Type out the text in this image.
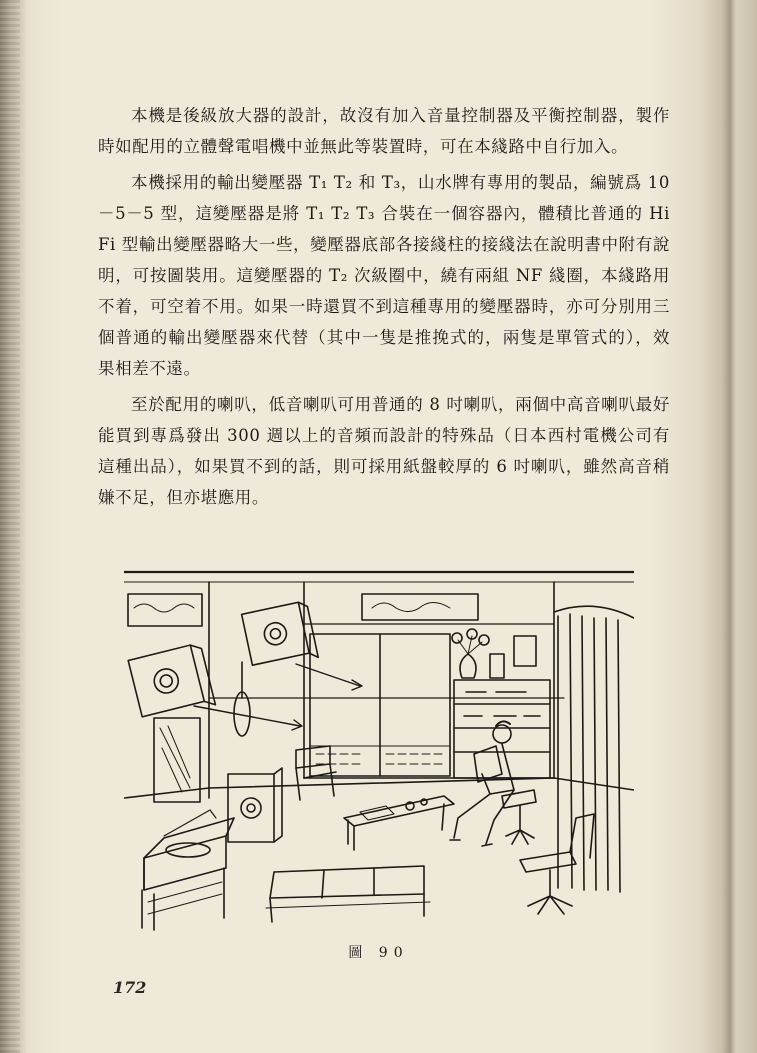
本機是後級放大器的設計，故沒有加入音量控制器及平衡控制器，製作時如配用的立體聲電唱機中並無此等裝置時，可在本綫路中自行加入。

本機採用的輸出變壓器 T₁ T₂ 和 T₃，山水牌有專用的製品，編號爲 10－5－5 型，這變壓器是將 T₁ T₂ T₃ 合裝在一個容器內，體積比普通的 Hi Fi 型輸出變壓器略大一些，變壓器底部各接綫柱的接綫法在說明書中附有說明，可按圖裝用。這變壓器的 T₂ 次級圈中，繞有兩組 NF 綫圈，本綫路用不着，可空着不用。如果一時還買不到這種專用的變壓器時，亦可分別用三個普通的輸出變壓器來代替（其中一隻是推挽式的，兩隻是單管式的），效果相差不遠。

至於配用的喇叭，低音喇叭可用普通的 8 吋喇叭，兩個中高音喇叭最好能買到專爲發出 300 週以上的音頻而設計的特殊品（日本西村電機公司有這種出品），如果買不到的話，則可採用紙盤較厚的 6 吋喇叭，雖然高音稍嫌不足，但亦堪應用。

圖 90
172
